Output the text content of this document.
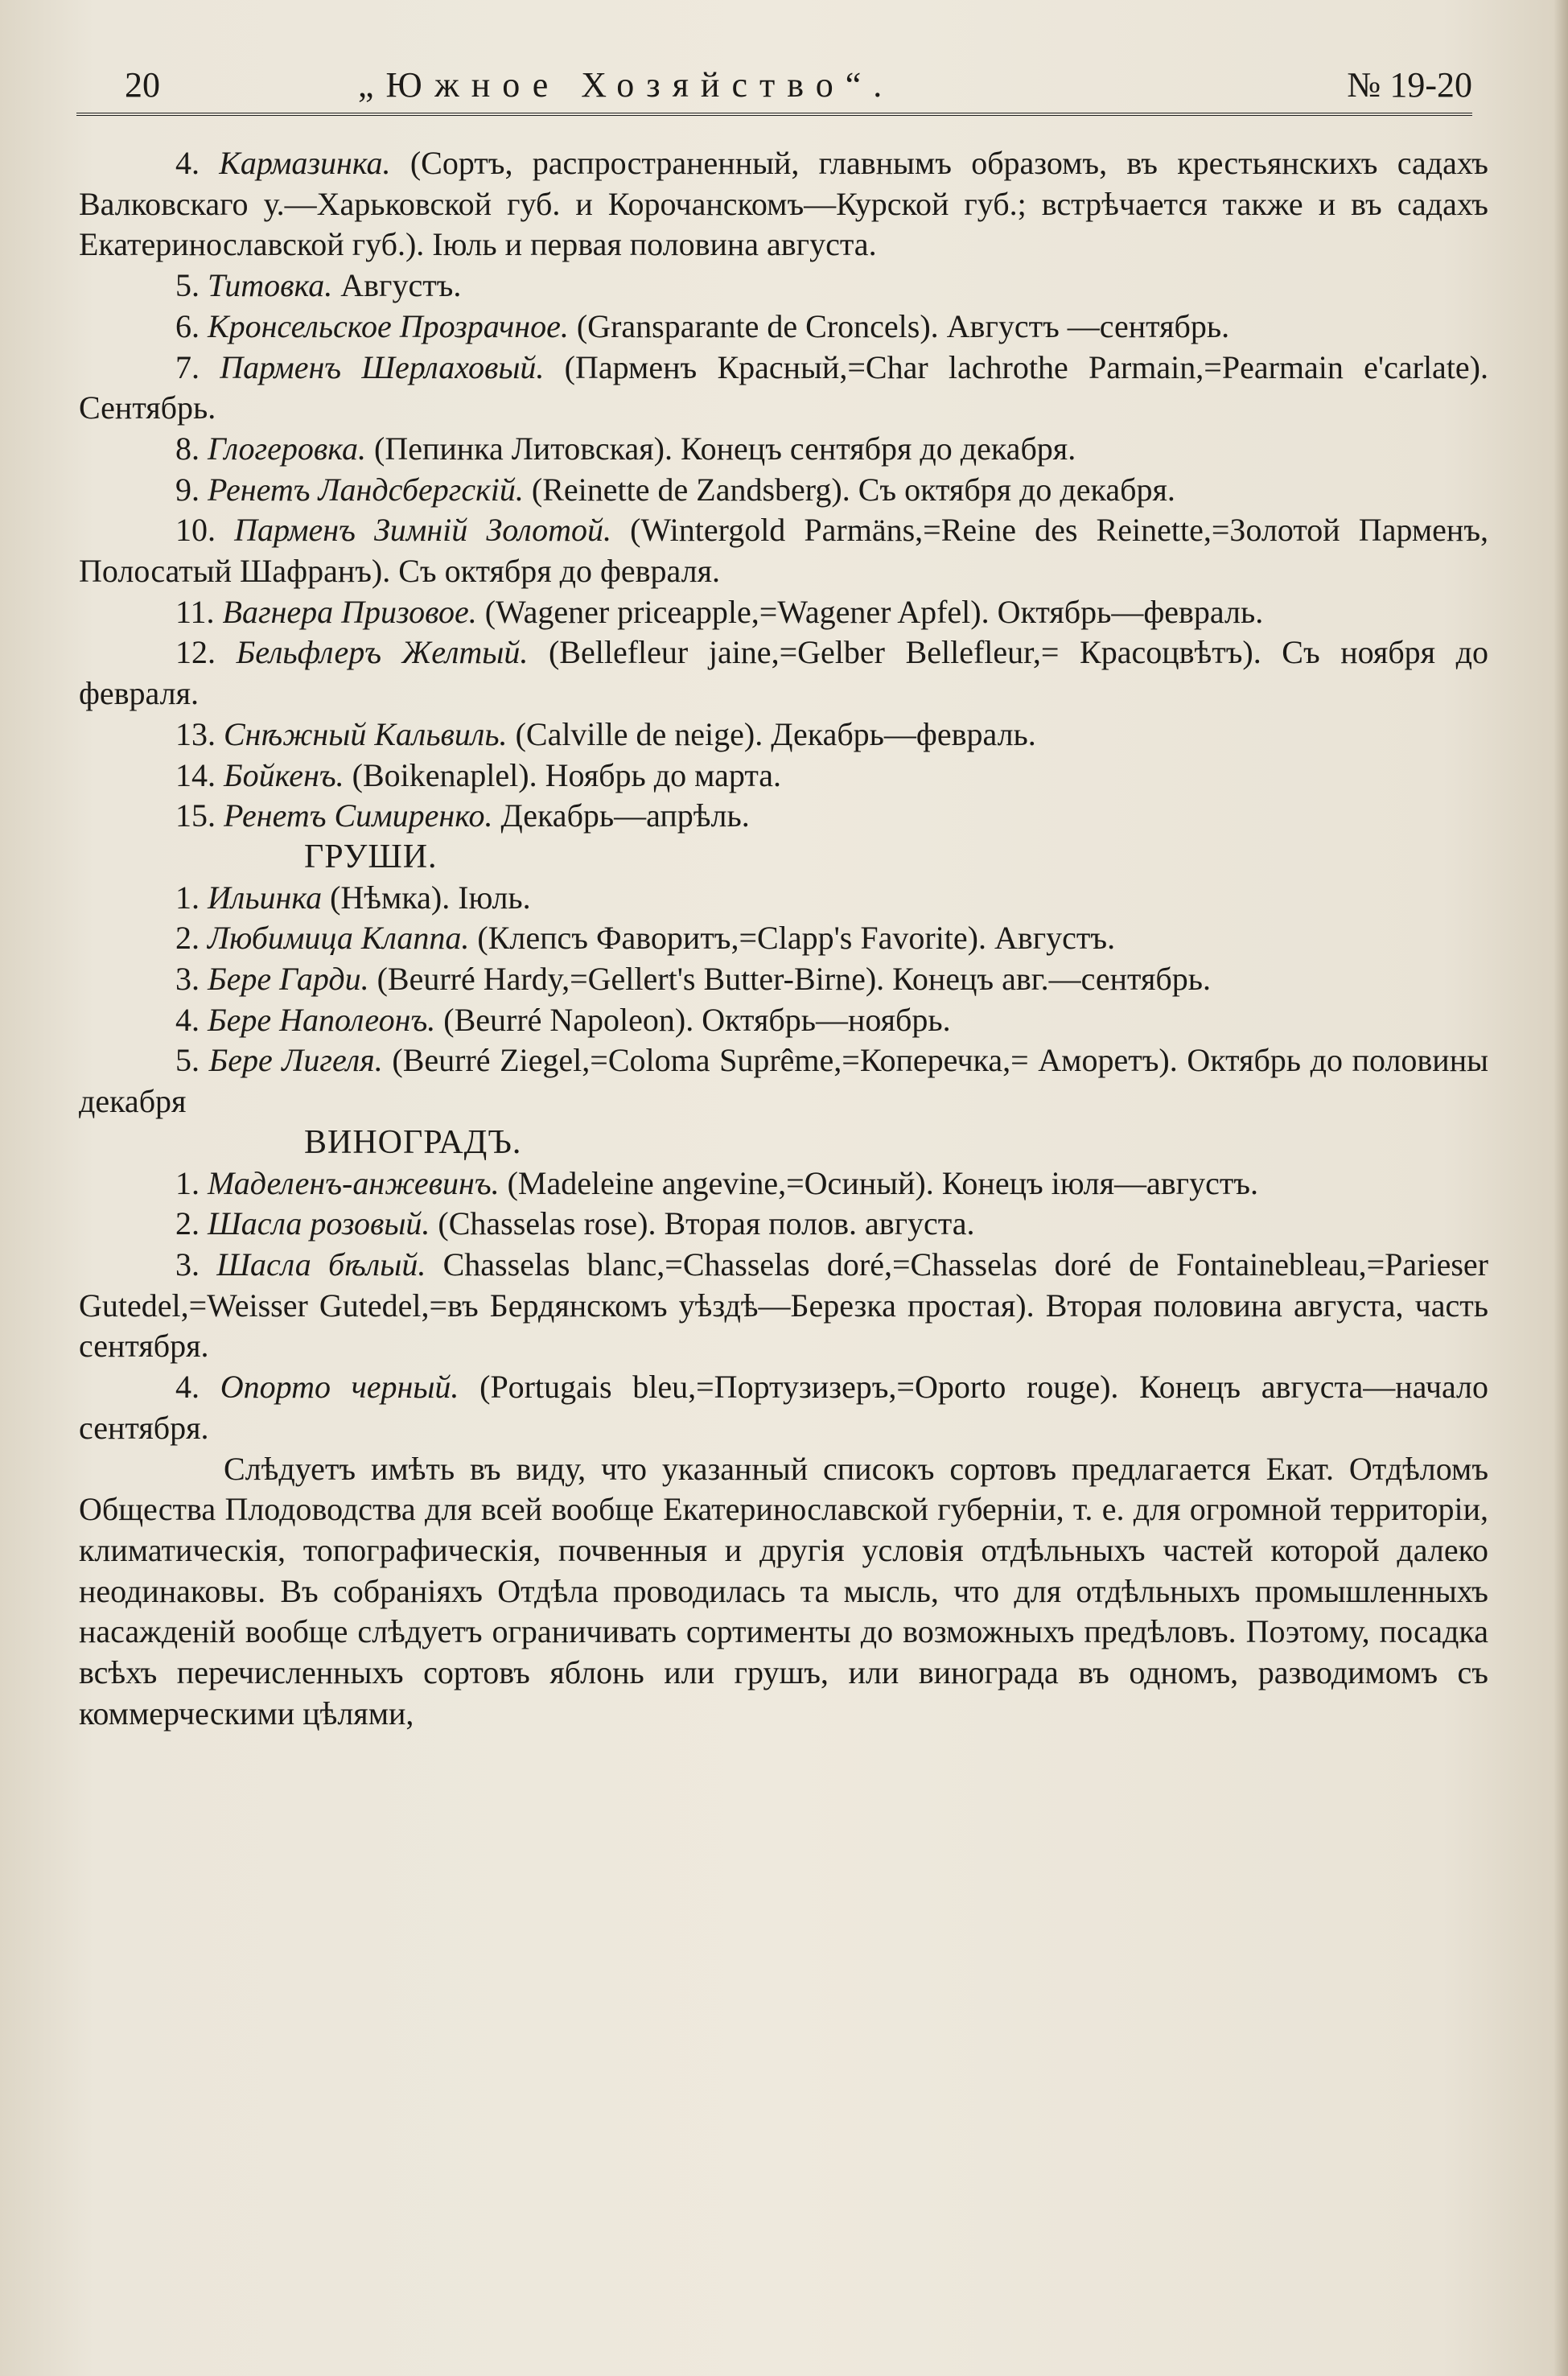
20	„Южное Хозяйство“.	№ 19-20

4. Кармазинка. (Сортъ, распространенный, главнымъ образомъ, въ крестьянскихъ садахъ Валковскаго у.—Харьковской губ. и Корочанскомъ—Курской губ.; встрѣчается также и въ садахъ Екатеринославской губ.). Іюль и первая половина августа.

5. Титовка. Августъ.

6. Кронсельское Прозрачное. (Gransparante de Croncels). Августъ —сентябрь.

7. Парменъ Шерлаховый. (Парменъ Красный,=Char lachrothe Parmain,=Pearmain e'carlate). Сентябрь.

8. Глогеровка. (Пепинка Литовская). Конецъ сентября до декабря.

9. Ренетъ Ландсбергскій. (Reinette de Zandsberg). Съ октября до декабря.

10. Парменъ Зимній Золотой. (Wintergold Parmäns,=Reine des Reinette,=Золотой Парменъ, Полосатый Шафранъ). Съ октября до февраля.

11. Вагнера Призовое. (Wagener priceapple,=Wagener Apfel). Октябрь—февраль.

12. Бельфлеръ Желтый. (Bellefleur jaine,=Gelber Bellefleur,= Красоцвѣтъ). Съ ноября до февраля.

13. Снѣжный Кальвиль. (Calville de neige). Декабрь—февраль.

14. Бойкенъ. (Boikenaplel). Ноябрь до марта.

15. Ренетъ Симиренко. Декабрь—апрѣль.

ГРУШИ.

1. Ильинка (Нѣмка). Іюль.

2. Любимица Клаппа. (Клепсъ Фаворитъ,=Clapp's Favorite). Августъ.

3. Бере Гарди. (Beurré Hardy,=Gellert's Butter-Birne). Конецъ авг.—сентябрь.

4. Бере Наполеонъ. (Beurré Napoleon). Октябрь—ноябрь.

5. Бере Лигеля. (Beurré Ziegel,=Coloma Suprême,=Коперечка,= Аморетъ). Октябрь до половины декабря

ВИНОГРАДЪ.

1. Маделенъ-анжевинъ. (Madeleine angevine,=Осиный). Конецъ іюля—августъ.

2. Шасла розовый. (Chasselas rose). Вторая полов. августа.

3. Шасла бѣлый. Chasselas blanc,=Chasselas doré,=Chasselas doré de Fontainebleau,=Parieser Gutedel,=Weisser Gutedel,=въ Бердянскомъ уѣздѣ—Березка простая). Вторая половина августа, часть сентября.

4. Опорто черный. (Portugais bleu,=Портузизеръ,=Oporto rouge). Конецъ августа—начало сентября.

Слѣдуетъ имѣть въ виду, что указанный списокъ сортовъ предлагается Екат. Отдѣломъ Общества Плодоводства для всей вообще Екатеринославской губерніи, т. е. для огромной территоріи, климатическія, топографическія, почвенныя и другія условія отдѣльныхъ частей которой далеко неодинаковы. Въ собраніяхъ Отдѣла проводилась та мысль, что для отдѣльныхъ промышленныхъ насажденій вообще слѣдуетъ ограничивать сортименты до возможныхъ предѣловъ. Поэтому, посадка всѣхъ перечисленныхъ сортовъ яблонь или грушъ, или винограда въ одномъ, разводимомъ съ коммерческими цѣлями,
